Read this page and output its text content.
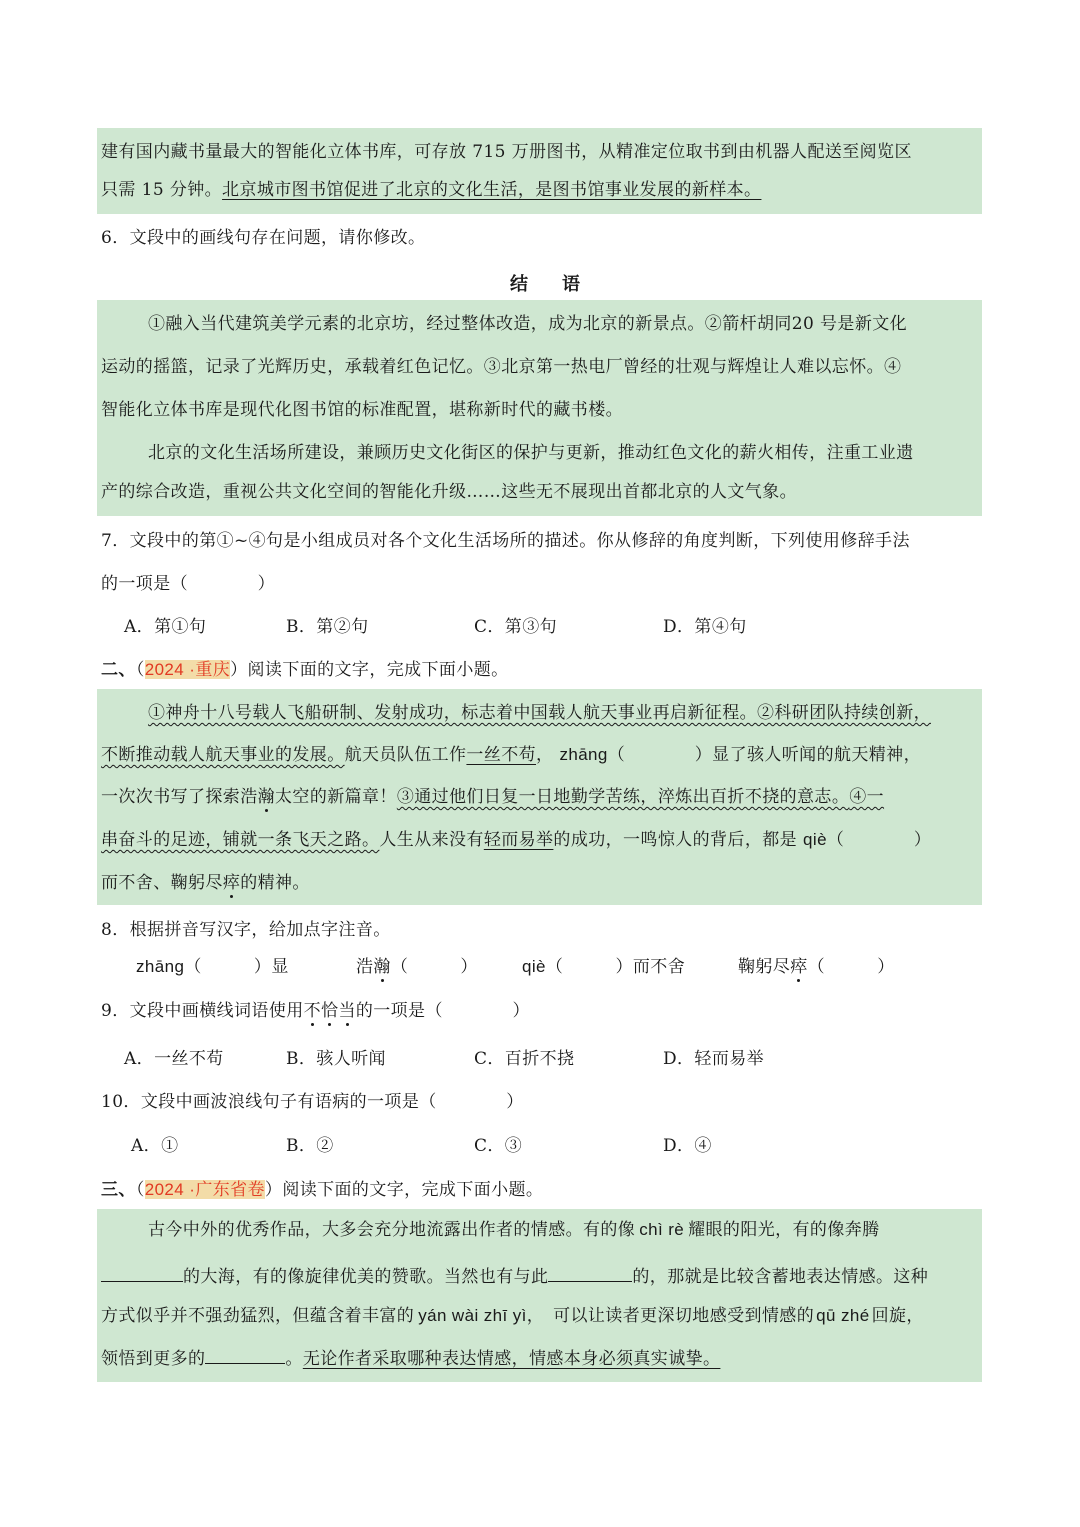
建有国内藏书量最大的智能化立体书库，可存放 715 万册图书，从精准定位取书到由机器人配送至阅览区
只需 15 分钟。北京城市图书馆促进了北京的文化生活，是图书馆事业发展的新样本。
6．文段中的画线句存在问题，请你修改。
结　语
①融入当代建筑美学元素的北京坊，经过整体改造，成为北京的新景点。②箭杆胡同20 号是新文化
运动的摇篮，记录了光辉历史，承载着红色记忆。③北京第一热电厂曾经的壮观与辉煌让人难以忘怀。④
智能化立体书库是现代化图书馆的标准配置，堪称新时代的藏书楼。
北京的文化生活场所建设，兼顾历史文化街区的保护与更新，推动红色文化的薪火相传，注重工业遗
产的综合改造，重视公共文化空间的智能化升级……这些无不展现出首都北京的人文气象。
7．文段中的第①~④句是小组成员对各个文化生活场所的描述。你从修辞的角度判断，下列使用修辞手法
的一项是（　　　　）
A．第①句	B．第②句	C．第③句	D．第④句
二、（2024 ·重庆）阅读下面的文字，完成下面小题。
①神舟十八号载人飞船研制、发射成功，标志着中国载人航天事业再启新征程。②科研团队持续创新，
不断推动载人航天事业的发展。航天员队伍工作一丝不苟， zhāng（　　　　）显了骇人听闻的航天精神，
一次次书写了探索浩瀚太空的新篇章！③通过他们日复一日地勤学苦练，淬炼出百折不挠的意志。④一
串奋斗的足迹，铺就一条飞天之路。人生从来没有轻而易举的成功，一鸣惊人的背后，都是 qiè（　　　　）
而不舍、鞠躬尽瘁的精神。
8．根据拼音写汉字，给加点字注音。
zhāng（　　　）显	浩瀚（　　　）	qiè（　　　）而不舍	鞠躬尽瘁（　　　）
9．文段中画横线词语使用不恰当的一项是（　　　　）
A．一丝不苟	B．骇人听闻	C．百折不挠	D．轻而易举
10．文段中画波浪线句子有语病的一项是（　　　　）
A．①	B．②	C．③	D．④
三、（2024 ·广东省卷）阅读下面的文字，完成下面小题。
古今中外的优秀作品，大多会充分地流露出作者的情感。有的像 chì rè 耀眼的阳光，有的像奔腾
的大海，有的像旋律优美的赞歌。当然也有与此	的，那就是比较含蓄地表达情感。这种
方式似乎并不强劲猛烈，但蕴含着丰富的 yán wài zhī yì，　可以让读者更深切地感受到情感的 qū zhé 回旋，
领悟到更多的	。无论作者采取哪种表达情感，情感本身必须真实诚挚。
